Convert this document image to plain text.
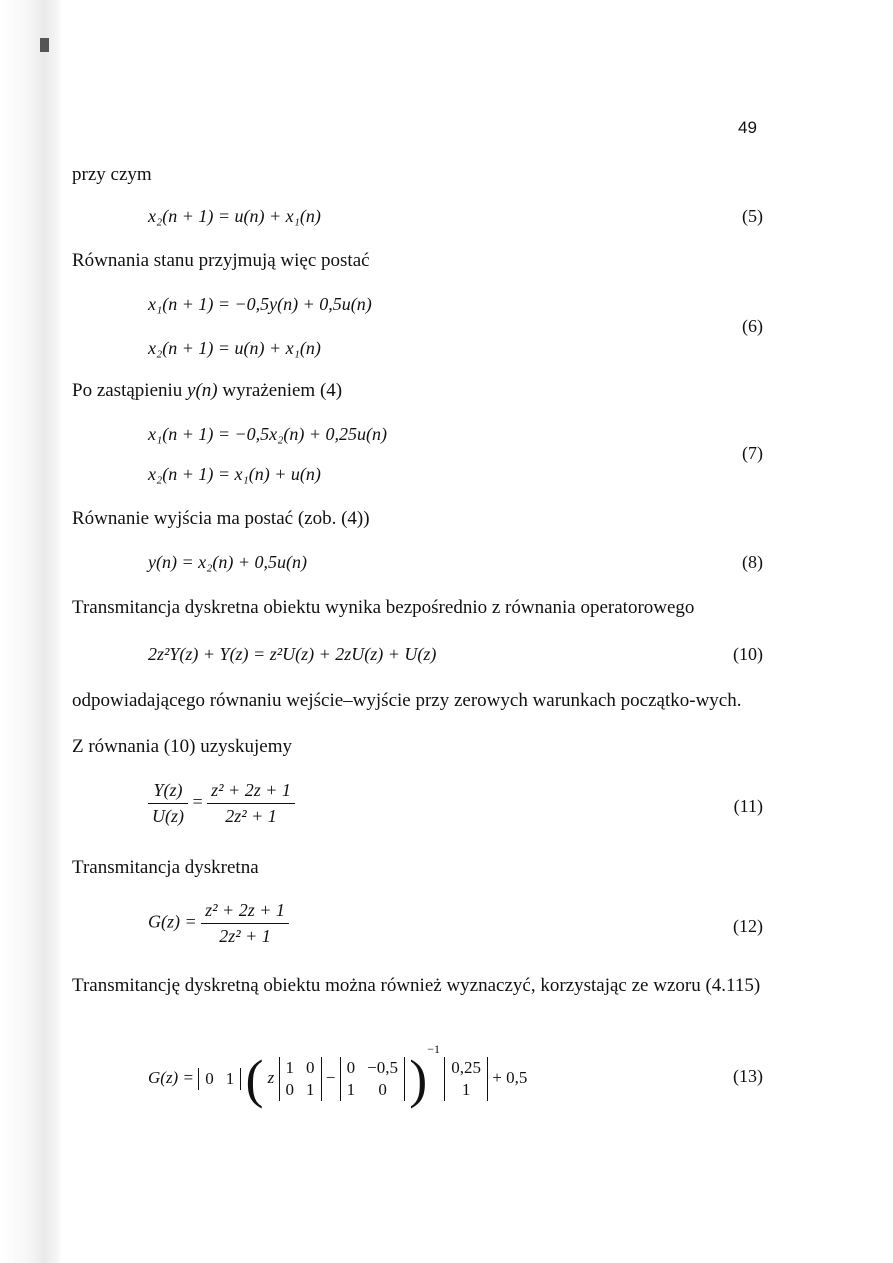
49
przy czym
x₂(n + 1) = u(n) + x₁(n)	(5)
Równania stanu przyjmują więc postać
x₁(n + 1) = −0,5y(n) + 0,5u(n)
x₂(n + 1) = u(n) + x₁(n)
(6)
Po zastąpieniu y(n) wyrażeniem (4)
x₁(n + 1) = −0,5x₂(n) + 0,25u(n)
x₂(n + 1) = x₁(n) + u(n)
(7)
Równanie wyjścia ma postać (zob. (4))
y(n) = x₂(n) + 0,5u(n)	(8)
Transmitancja dyskretna obiektu wynika bezpośrednio z równania operatorowego
2z²Y(z) + Y(z) = z²U(z) + 2zU(z) + U(z)	(10)
odpowiadającego równaniu wejście–wyjście przy zerowych warunkach początko-wych.
Z równania (10) uzyskujemy
$\frac{Y(z)}{U(z)} = \frac{\text{z² + 2z + 1}}{\text{2z² + 1}}$	(11)
Transmitancja dyskretna
$G(z) = \frac{\text{z² + 2z + 1}}{\text{2z² + 1}}$	(12)
Transmitancję dyskretną obiektu można również wyznaczyć, korzystając ze wzoru (4.115)
G(z) = 0	1 ( z
1	0
0	1
−
0	−0,5
1	0 )$^{-1}$
0,25
1
+ 0,5	(13)
